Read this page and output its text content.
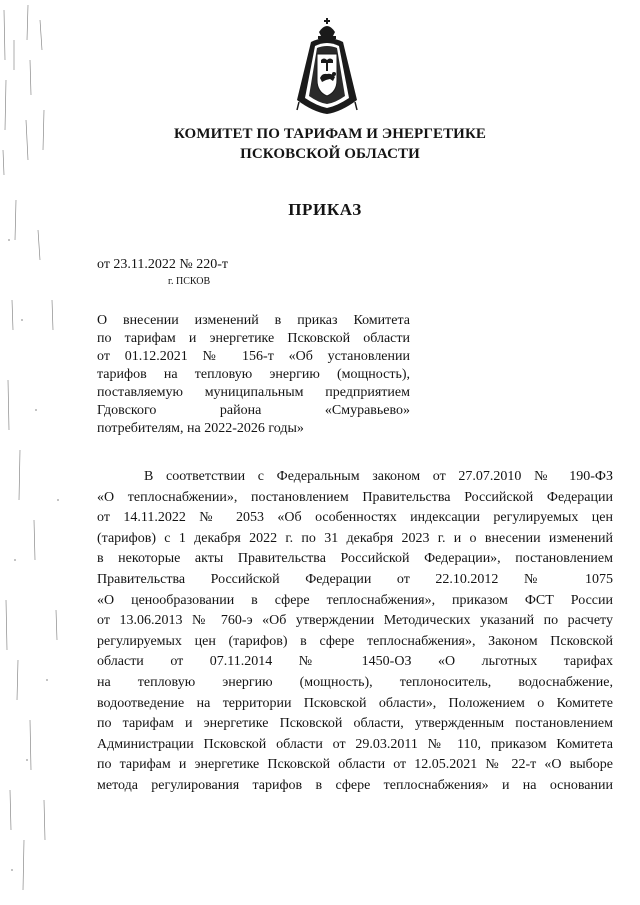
КОМИТЕТ ПО ТАРИФАМ И ЭНЕРГЕТИКЕ
ПСКОВСКОЙ ОБЛАСТИ
ПРИКАЗ
от 23.11.2022 № 220-т
г. ПСКОВ
О внесении изменений в приказ Комитета
по тарифам и энергетике Псковской области
от 01.12.2021 № 156-т «Об установлении
тарифов на тепловую энергию (мощность),
поставляемую муниципальным предприятием
Гдовского района «Смуравьево»
потребителям, на 2022-2026 годы»
В соответствии с Федеральным законом от 27.07.2010 № 190-ФЗ
«О теплоснабжении», постановлением Правительства Российской Федерации
от 14.11.2022 № 2053 «Об особенностях индексации регулируемых цен
(тарифов) с 1 декабря 2022 г. по 31 декабря 2023 г. и о внесении изменений
в некоторые акты Правительства Российской Федерации», постановлением
Правительства Российской Федерации от 22.10.2012 № 1075
«О ценообразовании в сфере теплоснабжения», приказом ФСТ России
от 13.06.2013 № 760-э «Об утверждении Методических указаний по расчету
регулируемых цен (тарифов) в сфере теплоснабжения», Законом Псковской
области от 07.11.2014 № 1450-ОЗ «О льготных тарифах
на тепловую энергию (мощность), теплоноситель, водоснабжение,
водоотведение на территории Псковской области», Положением о Комитете
по тарифам и энергетике Псковской области, утвержденным постановлением
Администрации Псковской области от 29.03.2011 № 110, приказом Комитета
по тарифам и энергетике Псковской области от 12.05.2021 № 22-т «О выборе
метода регулирования тарифов в сфере теплоснабжения» и на основании
